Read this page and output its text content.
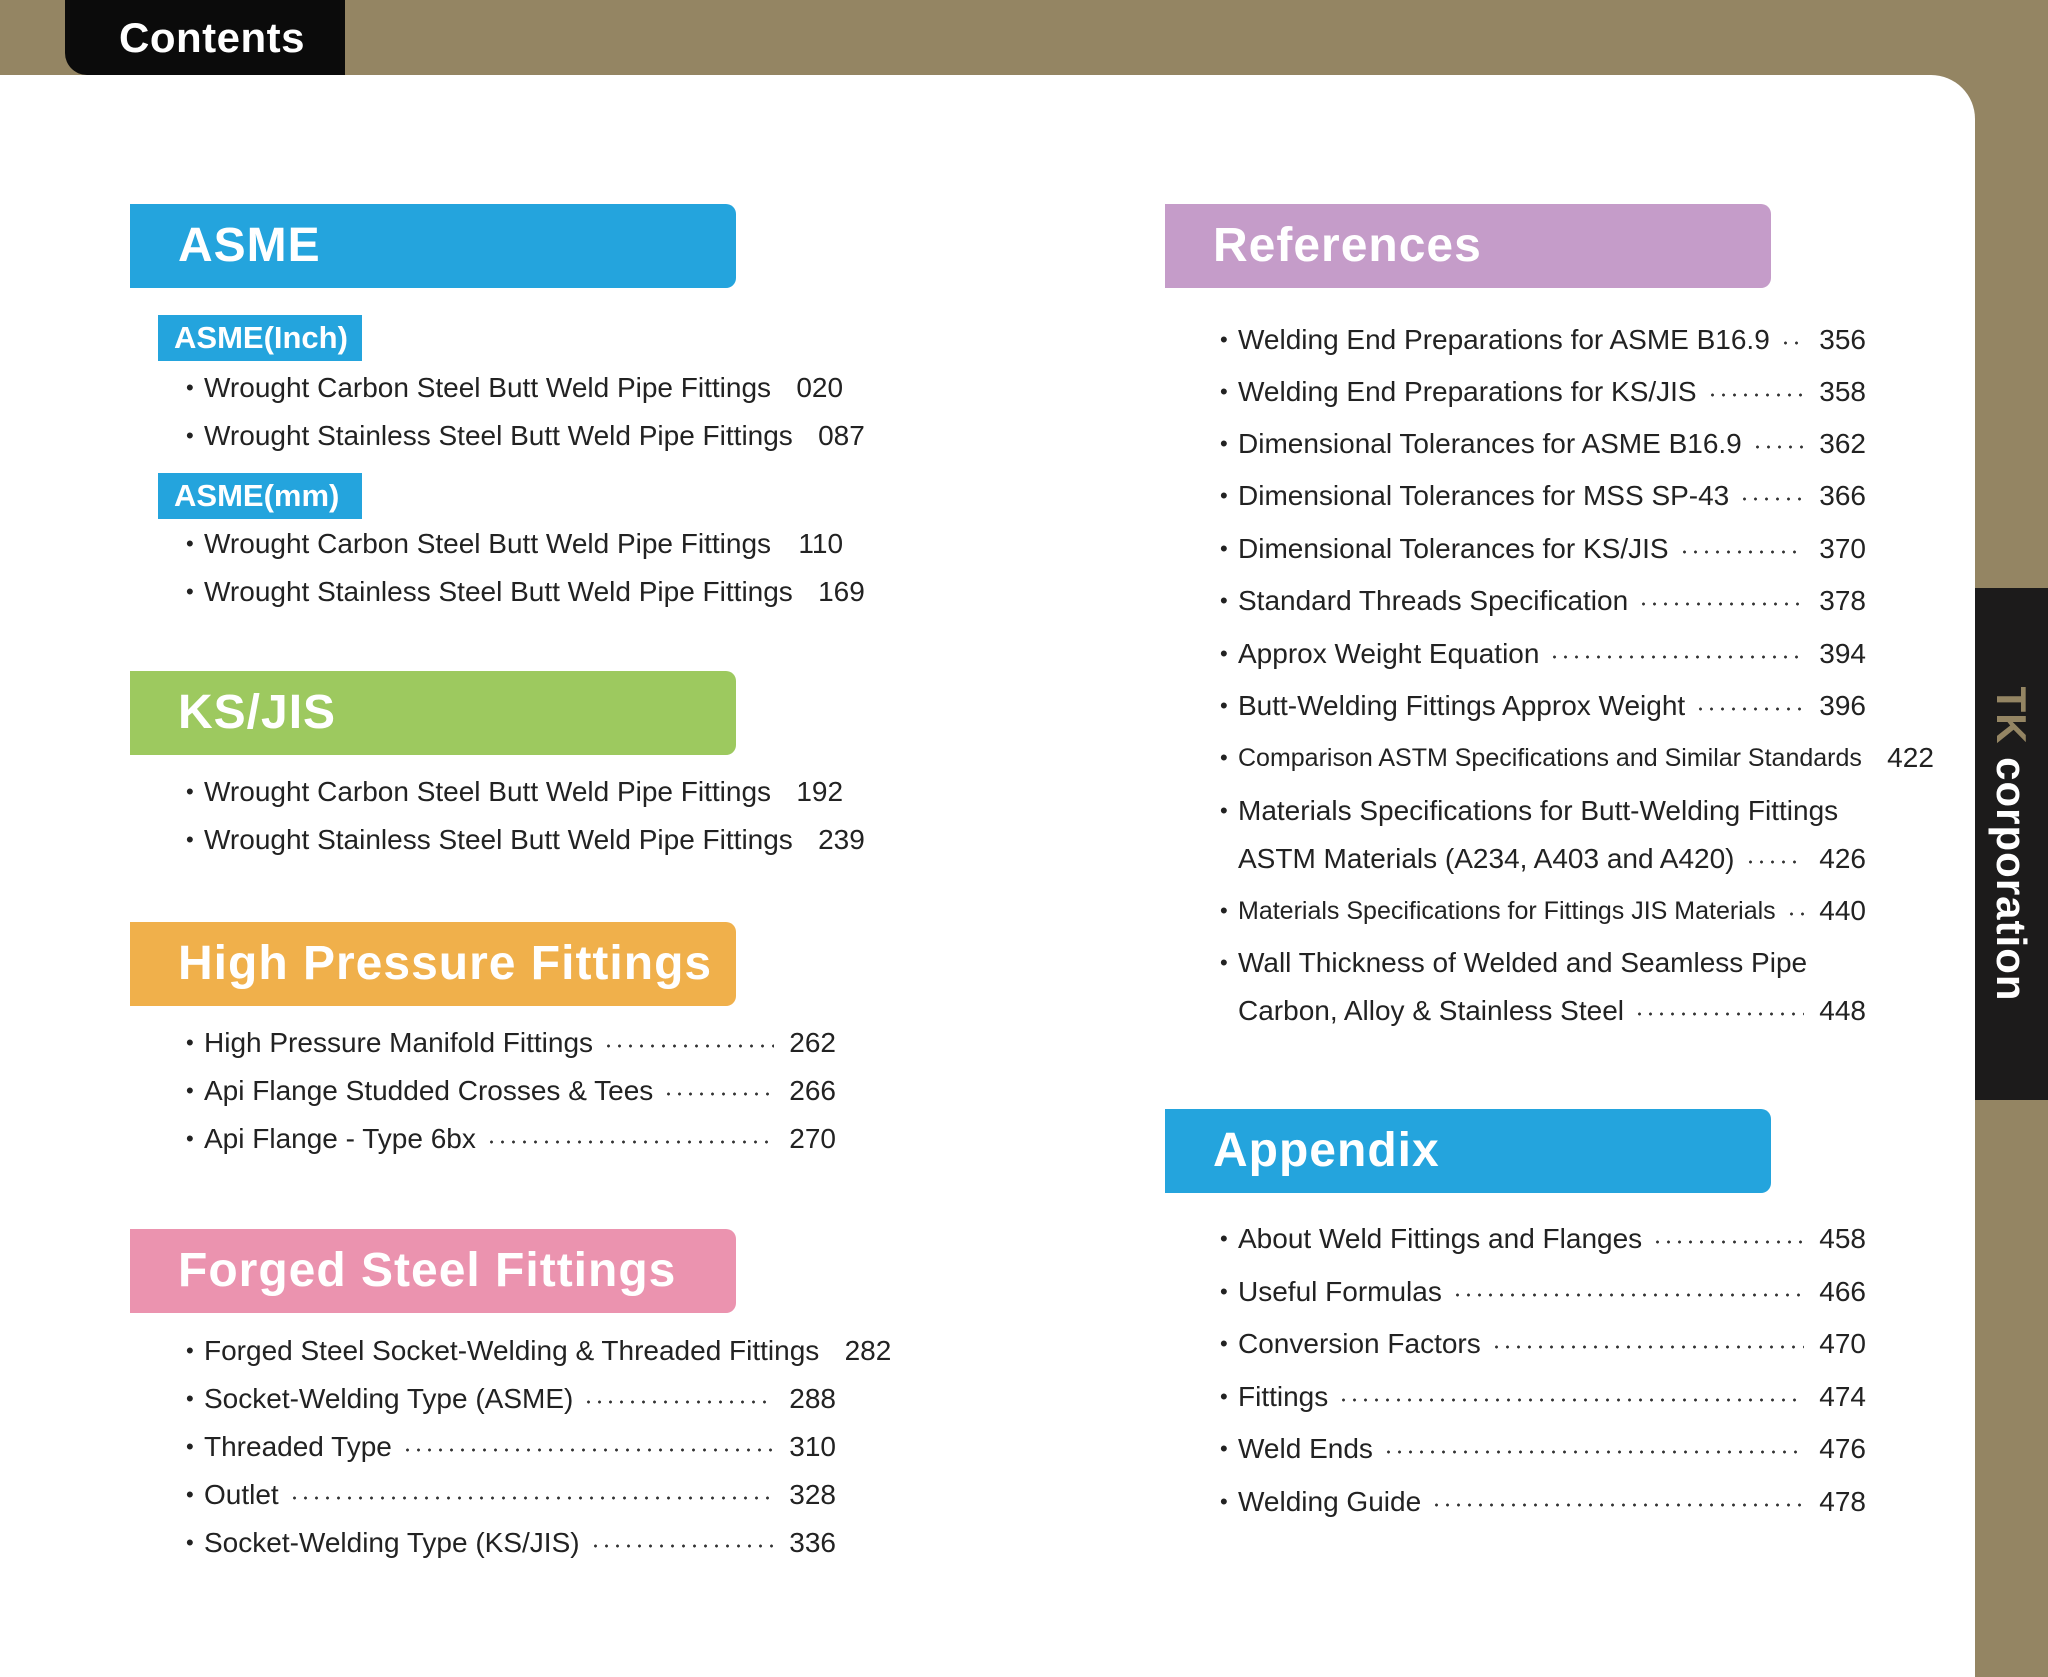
Contents
TK corporation
ASME
ASME(Inch)
• Wrought Carbon Steel Butt Weld Pipe Fittings 020
• Wrought Stainless Steel Butt Weld Pipe Fittings 087
ASME(mm)
• Wrought Carbon Steel Butt Weld Pipe Fittings 110
• Wrought Stainless Steel Butt Weld Pipe Fittings 169
KS/JIS
• Wrought Carbon Steel Butt Weld Pipe Fittings 192
• Wrought Stainless Steel Butt Weld Pipe Fittings 239
High Pressure Fittings
• High Pressure Manifold Fittings	262
• Api Flange Studded Crosses & Tees	266
• Api Flange - Type 6bx	270
Forged Steel Fittings
• Forged Steel Socket-Welding & Threaded Fittings 282
• Socket-Welding Type (ASME)	288
• Threaded Type	310
• Outlet	328
• Socket-Welding Type (KS/JIS)	336
References
• Welding End Preparations for ASME B16.9 356
• Welding End Preparations for KS/JIS	358
• Dimensional Tolerances for ASME B16.9	362
• Dimensional Tolerances for MSS SP-43	366
• Dimensional Tolerances for KS/JIS	370
• Standard Threads Specification	378
• Approx Weight Equation	394
• Butt-Welding Fittings Approx Weight	396
• Comparison ASTM Specifications and Similar Standards 422
• Materials Specifications for Butt-Welding Fittings
ASTM Materials (A234, A403 and A420)	426
• Materials Specifications for Fittings JIS Materials 440
• Wall Thickness of Welded and Seamless Pipe
Carbon, Alloy & Stainless Steel	448
Appendix
• About Weld Fittings and Flanges	458
• Useful Formulas	466
• Conversion Factors	470
• Fittings	474
• Weld Ends	476
• Welding Guide	478
